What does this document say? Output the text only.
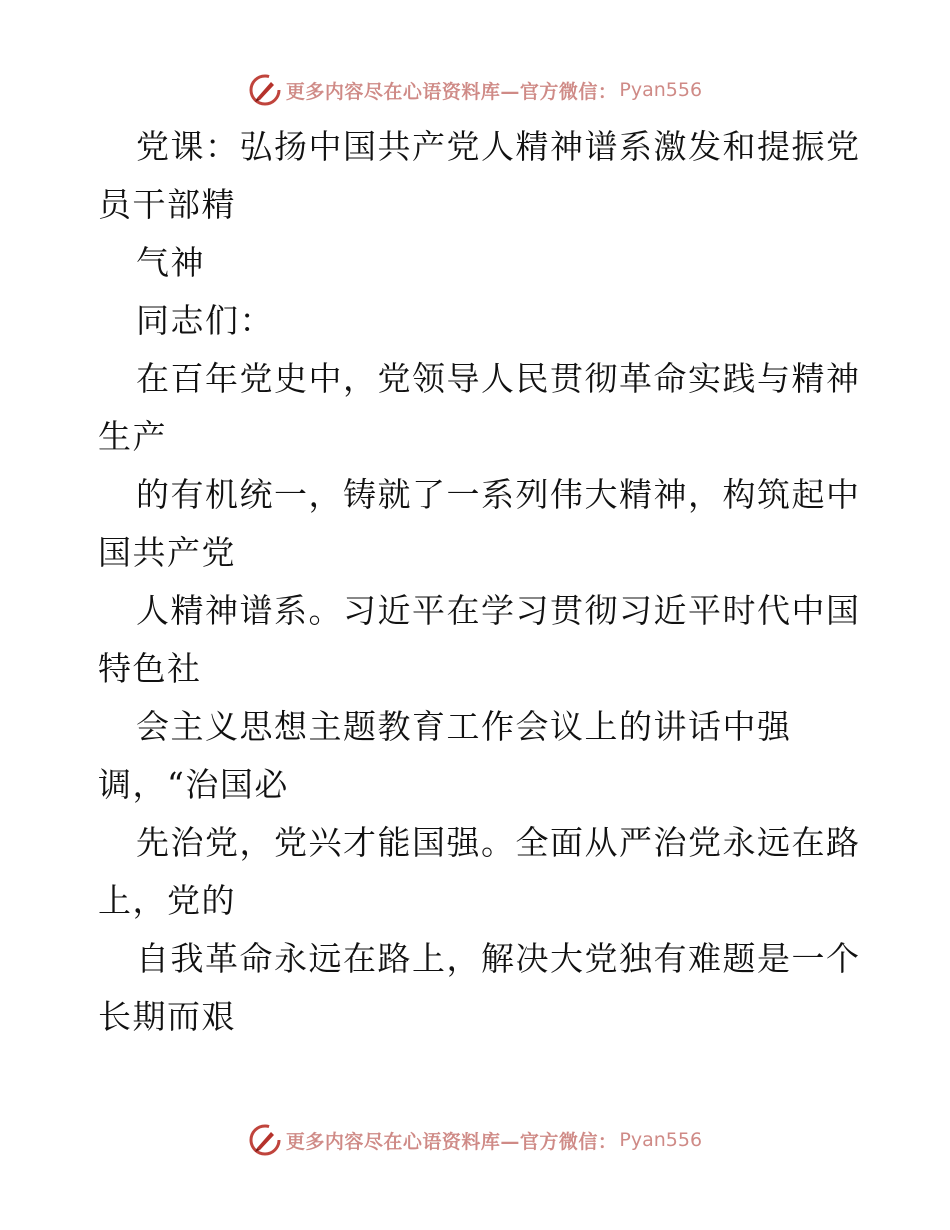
更多内容尽在心语资料库—官方微信： Pyan556
党课：弘扬中国共产党人精神谱系激发和提振党
员干部精
气神
同志们：
在百年党史中，党领导人民贯彻革命实践与精神
生产
的有机统一，铸就了一系列伟大精神，构筑起中
国共产党
人精神谱系。习近平在学习贯彻习近平时代中国
特色社
会主义思想主题教育工作会议上的讲话中强
调，“治国必
先治党，党兴才能国强。全面从严治党永远在路
上，党的
自我革命永远在路上，解决大党独有难题是一个
长期而艰
更多内容尽在心语资料库—官方微信： Pyan556
